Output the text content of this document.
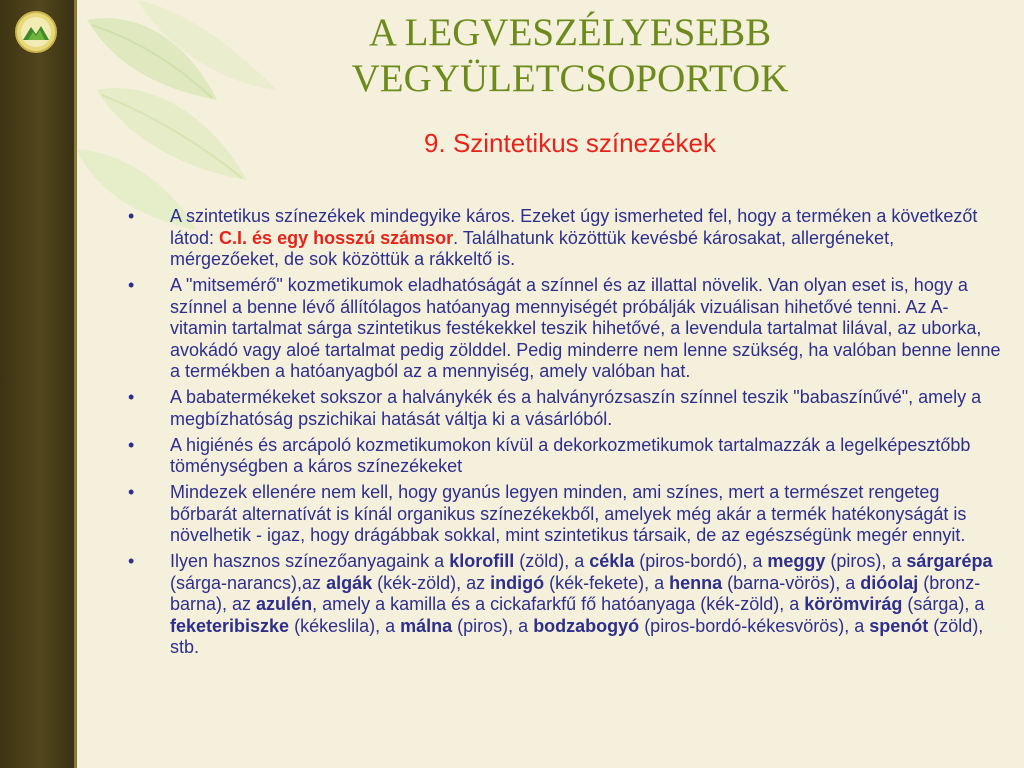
A LEGVESZÉLYESEBB
VEGYÜLETCSOPORTOK
9. Szintetikus színezékek
• A szintetikus színezékek mindegyike káros. Ezeket úgy ismerheted fel, hogy a terméken a következőt látod: C.I. és egy hosszú számsor. Találhatunk közöttük kevésbé károsakat, allergéneket, mérgezőeket, de sok közöttük a rákkeltő is.
• A "mitsemérő" kozmetikumok eladhatóságát a színnel és az illattal növelik. Van olyan eset is, hogy a színnel a benne lévő állítólagos hatóanyag mennyiségét próbálják vizuálisan hihetővé tenni. Az A-vitamin tartalmat sárga szintetikus festékekkel teszik hihetővé, a levendula tartalmat lilával, az uborka, avokádó vagy aloé tartalmat pedig zölddel. Pedig minderre nem lenne szükség, ha valóban benne lenne a termékben a hatóanyagból az a mennyiség, amely valóban hat.
• A babatermékeket sokszor a halványkék és a halványrózsaszín színnel teszik "babaszínűvé", amely a megbízhatóság pszichikai hatását váltja ki a vásárlóból.
• A higiénés és arcápoló kozmetikumokon kívül a dekorkozmetikumok tartalmazzák a legelképesztőbb töménységben a káros színezékeket
• Mindezek ellenére nem kell, hogy gyanús legyen minden, ami színes, mert a természet rengeteg bőrbarát alternatívát is kínál organikus színezékekből, amelyek még akár a termék hatékonyságát is növelhetik - igaz, hogy drágábbak sokkal, mint szintetikus társaik, de az egészségünk megér ennyit.
• Ilyen hasznos színezőanyagaink a klorofill (zöld), a cékla (piros-bordó), a meggy (piros), a sárgarépa (sárga-narancs),az algák (kék-zöld), az indigó (kék-fekete), a henna (barna-vörös), a dióolaj (bronz-barna), az azulén, amely a kamilla és a cickafarkfű fő hatóanyaga (kék-zöld), a körömvirág (sárga), a feketeribiszke (kékeslila), a málna (piros), a bodzabogyó (piros-bordó-kékesvörös), a spenót (zöld), stb.
